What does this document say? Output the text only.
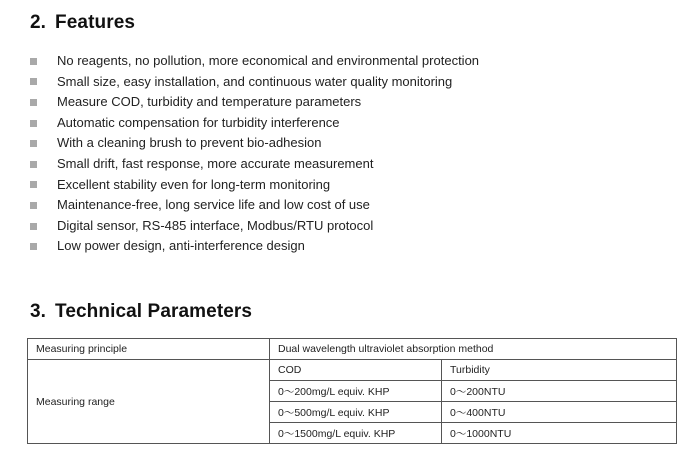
2. Features
No reagents, no pollution, more economical and environmental protection
Small size, easy installation, and continuous water quality monitoring
Measure COD, turbidity and temperature parameters
Automatic compensation for turbidity interference
With a cleaning brush to prevent bio-adhesion
Small drift, fast response, more accurate measurement
Excellent stability even for long-term monitoring
Maintenance-free, long service life and low cost of use
Digital sensor, RS-485 interface, Modbus/RTU protocol
Low power design, anti-interference design
3. Technical Parameters
Measuring principle	Dual wavelength ultraviolet absorption method	
Measuring range	COD	Turbidity
	0～200mg/L equiv. KHP	0～200NTU
	0～500mg/L equiv. KHP	0～400NTU
	0～1500mg/L equiv. KHP	0～1000NTU
